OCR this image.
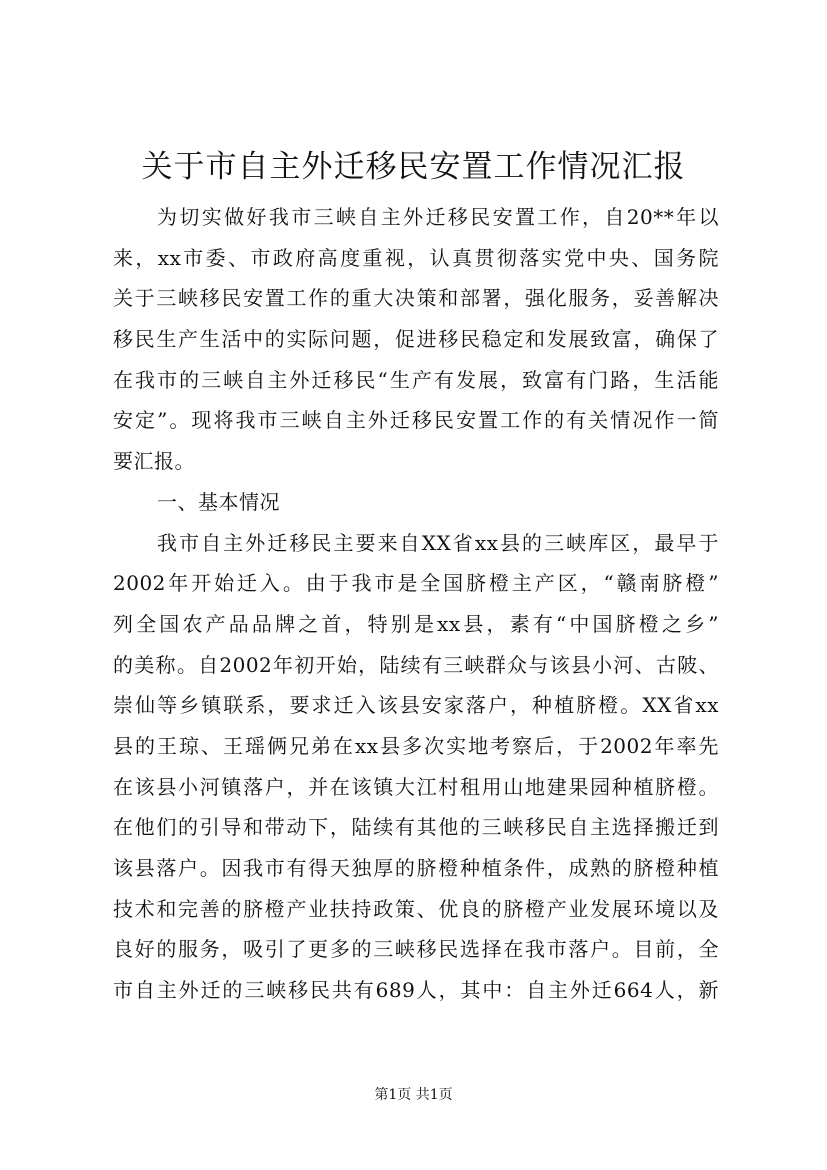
关于市自主外迁移民安置工作情况汇报
为切实做好我市三峡自主外迁移民安置工作，自20**年以
来，xx市委、市政府高度重视，认真贯彻落实党中央、国务院
关于三峡移民安置工作的重大决策和部署，强化服务，妥善解决
移民生产生活中的实际问题，促进移民稳定和发展致富，确保了
在我市的三峡自主外迁移民“生产有发展，致富有门路，生活能
安定”。现将我市三峡自主外迁移民安置工作的有关情况作一简
要汇报。
一、基本情况
我市自主外迁移民主要来自XX省xx县的三峡库区，最早于
2002年开始迁入。由于我市是全国脐橙主产区，“赣南脐橙”
列全国农产品品牌之首，特别是xx县，素有“中国脐橙之乡”
的美称。自2002年初开始，陆续有三峡群众与该县小河、古陂、
崇仙等乡镇联系，要求迁入该县安家落户，种植脐橙。XX省xx
县的王琼、王瑶俩兄弟在xx县多次实地考察后，于2002年率先
在该县小河镇落户，并在该镇大江村租用山地建果园种植脐橙。
在他们的引导和带动下，陆续有其他的三峡移民自主选择搬迁到
该县落户。因我市有得天独厚的脐橙种植条件，成熟的脐橙种植
技术和完善的脐橙产业扶持政策、优良的脐橙产业发展环境以及
良好的服务，吸引了更多的三峡移民选择在我市落户。目前，全
市自主外迁的三峡移民共有689人，其中：自主外迁664人，新
第1页 共1页
